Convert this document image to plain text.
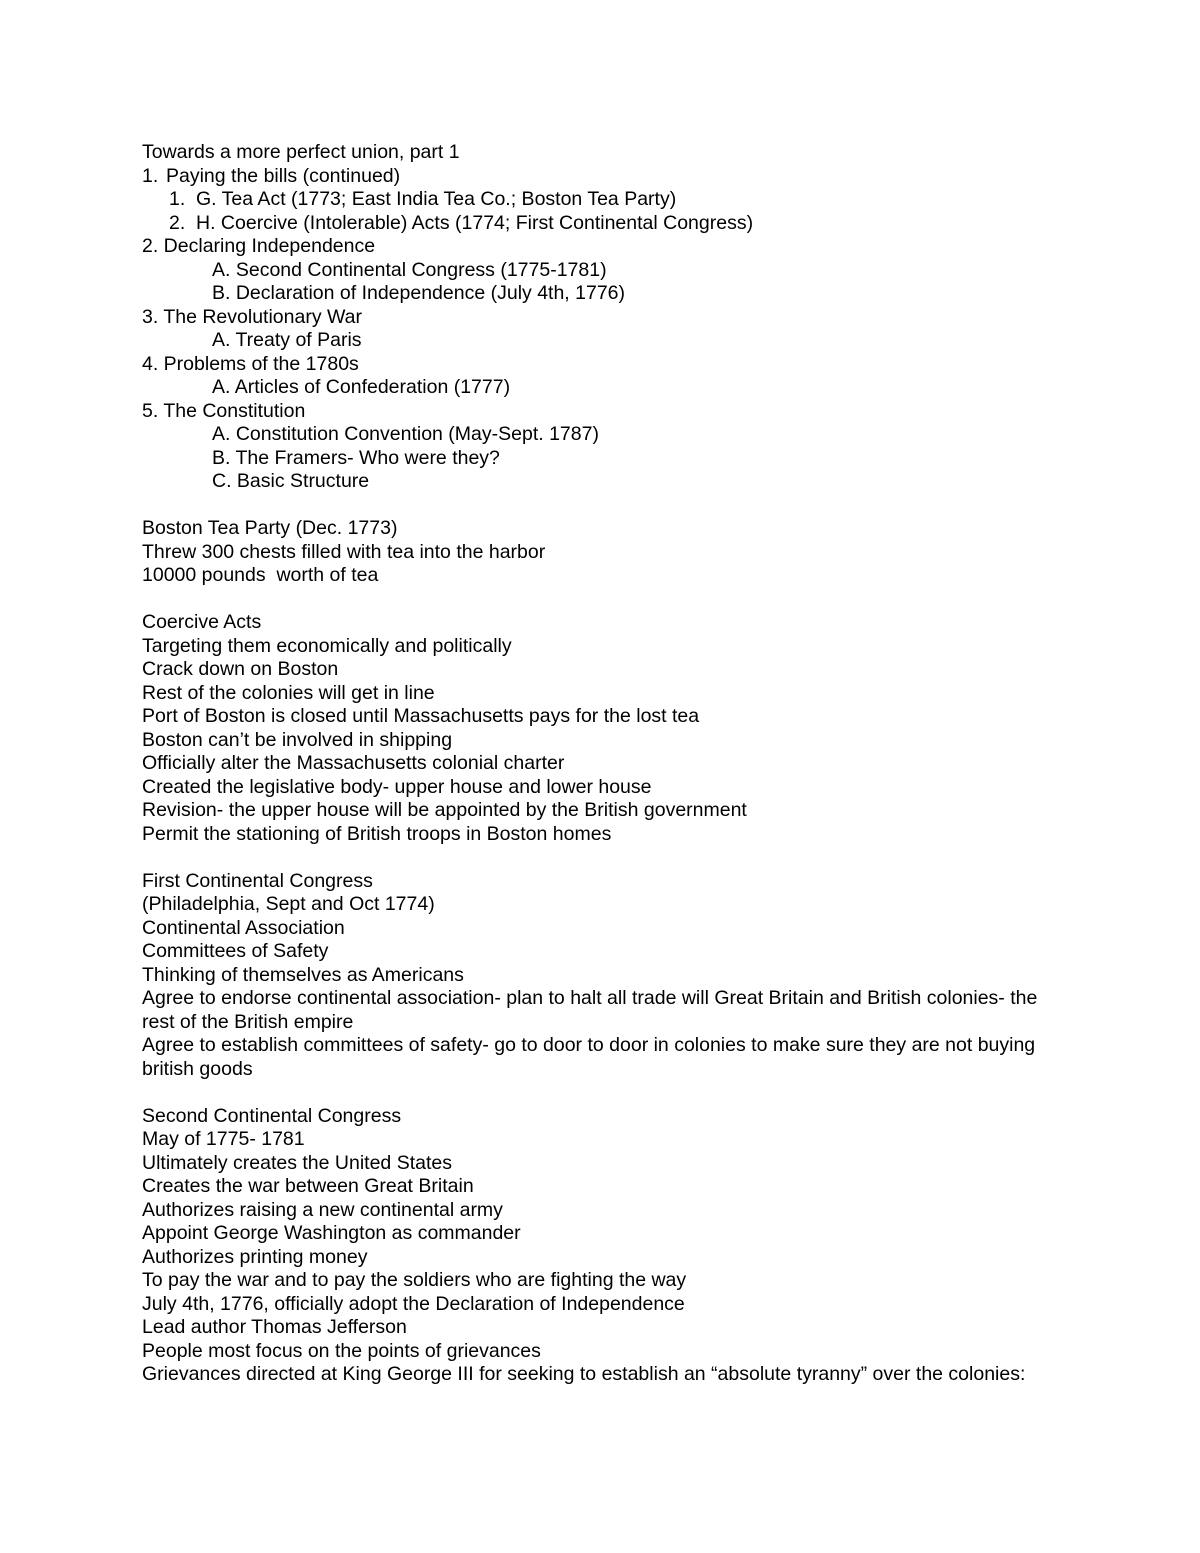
Towards a more perfect union, part 1
1. Paying the bills (continued)
1. G. Tea Act (1773; East India Tea Co.; Boston Tea Party)
2. H. Coercive (Intolerable) Acts (1774; First Continental Congress)
2. Declaring Independence
A. Second Continental Congress (1775-1781)
B. Declaration of Independence (July 4th, 1776)
3. The Revolutionary War
A. Treaty of Paris
4. Problems of the 1780s
A. Articles of Confederation (1777)
5. The Constitution
A. Constitution Convention (May-Sept. 1787)
B. The Framers- Who were they?
C. Basic Structure
Boston Tea Party (Dec. 1773)
Threw 300 chests filled with tea into the harbor
10000 pounds  worth of tea
Coercive Acts
Targeting them economically and politically
Crack down on Boston
Rest of the colonies will get in line
Port of Boston is closed until Massachusetts pays for the lost tea
Boston can’t be involved in shipping
Officially alter the Massachusetts colonial charter
Created the legislative body- upper house and lower house
Revision- the upper house will be appointed by the British government
Permit the stationing of British troops in Boston homes
First Continental Congress
(Philadelphia, Sept and Oct 1774)
Continental Association
Committees of Safety
Thinking of themselves as Americans
Agree to endorse continental association- plan to halt all trade will Great Britain and British colonies- the rest of the British empire
Agree to establish committees of safety- go to door to door in colonies to make sure they are not buying british goods
Second Continental Congress
May of 1775- 1781
Ultimately creates the United States
Creates the war between Great Britain
Authorizes raising a new continental army
Appoint George Washington as commander
Authorizes printing money
To pay the war and to pay the soldiers who are fighting the way
July 4th, 1776, officially adopt the Declaration of Independence
Lead author Thomas Jefferson
People most focus on the points of grievances
Grievances directed at King George III for seeking to establish an “absolute tyranny” over the colonies:
